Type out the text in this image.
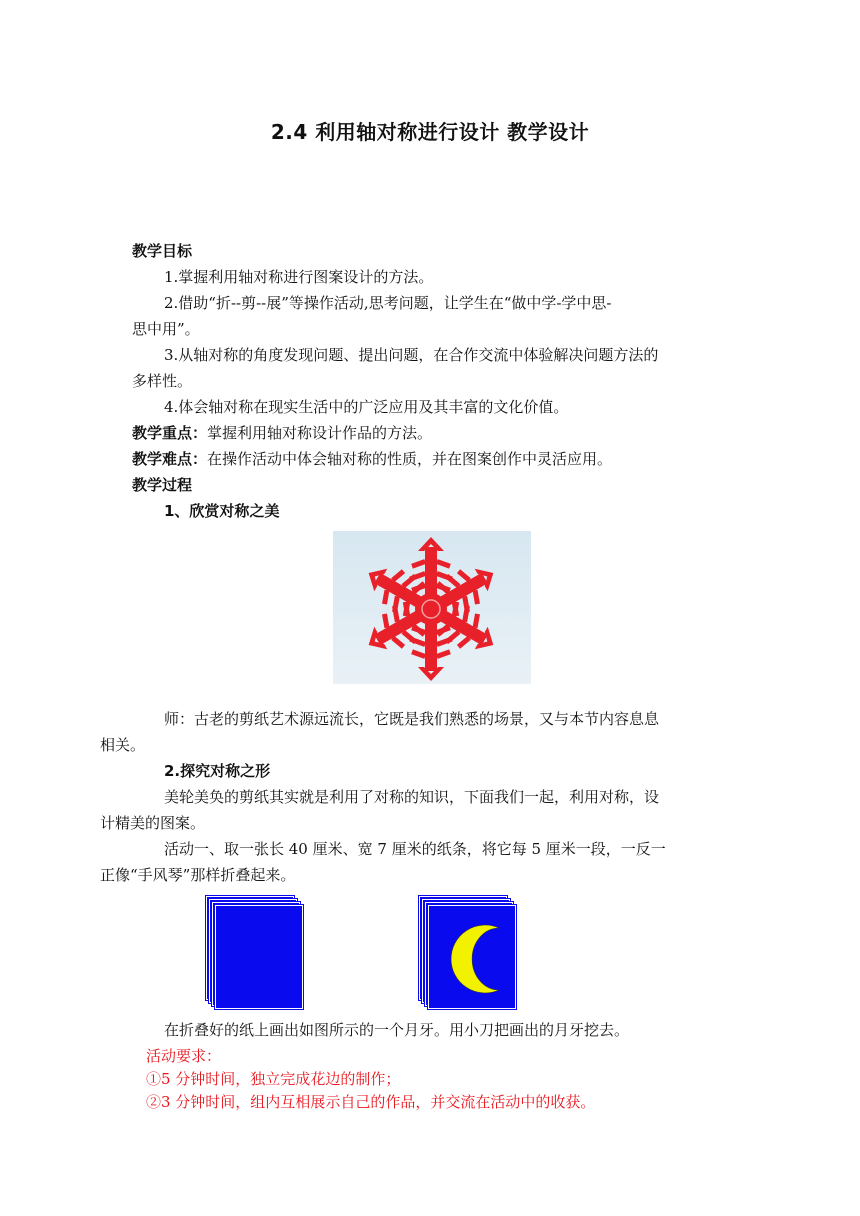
2.4 利用轴对称进行设计 教学设计
教学目标
1.掌握利用轴对称进行图案设计的方法。
2.借助“折--剪--展”等操作活动,思考问题，让学生在“做中学-学中思-
思中用”。
3.从轴对称的角度发现问题、提出问题，在合作交流中体验解决问题方法的
多样性。
4.体会轴对称在现实生活中的广泛应用及其丰富的文化价值。
教学重点：掌握利用轴对称设计作品的方法。
教学难点：在操作活动中体会轴对称的性质，并在图案创作中灵活应用。
教学过程
1、欣赏对称之美
师：古老的剪纸艺术源远流长，它既是我们熟悉的场景，又与本节内容息息
相关。
2.探究对称之形
美轮美奂的剪纸其实就是利用了对称的知识，下面我们一起，利用对称，设
计精美的图案。
活动一、取一张长 40 厘米、宽 7 厘米的纸条，将它每 5 厘米一段，一反一
正像“手风琴”那样折叠起来。
在折叠好的纸上画出如图所示的一个月牙。用小刀把画出的月牙挖去。
活动要求：
①5 分钟时间，独立完成花边的制作；
②3 分钟时间，组内互相展示自己的作品，并交流在活动中的收获。
